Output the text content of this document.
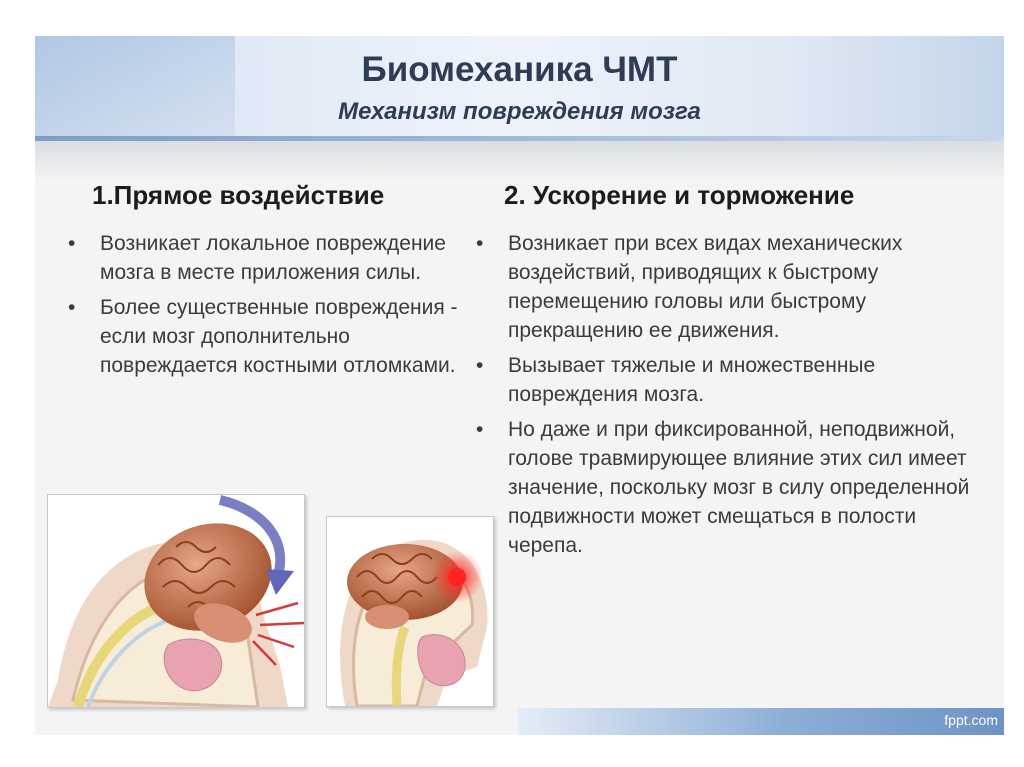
Биомеханика ЧМТ
Механизм повреждения мозга
1.Прямое воздействие
• Возникает локальное повреждение мозга в месте приложения силы.
• Более существенные повреждения - если мозг дополнительно повреждается костными отломками.
2. Ускорение и торможение
• Возникает при всех видах механических воздействий, приводящих к быстрому перемещению головы или быстрому прекращению ее движения.
• Вызывает тяжелые и множественные повреждения мозга.
• Но даже и при фиксированной, неподвижной, голове травмирующее влияние этих сил имеет значение, поскольку мозг в силу определенной подвижности может смещаться в полости черепа.
fppt.com
